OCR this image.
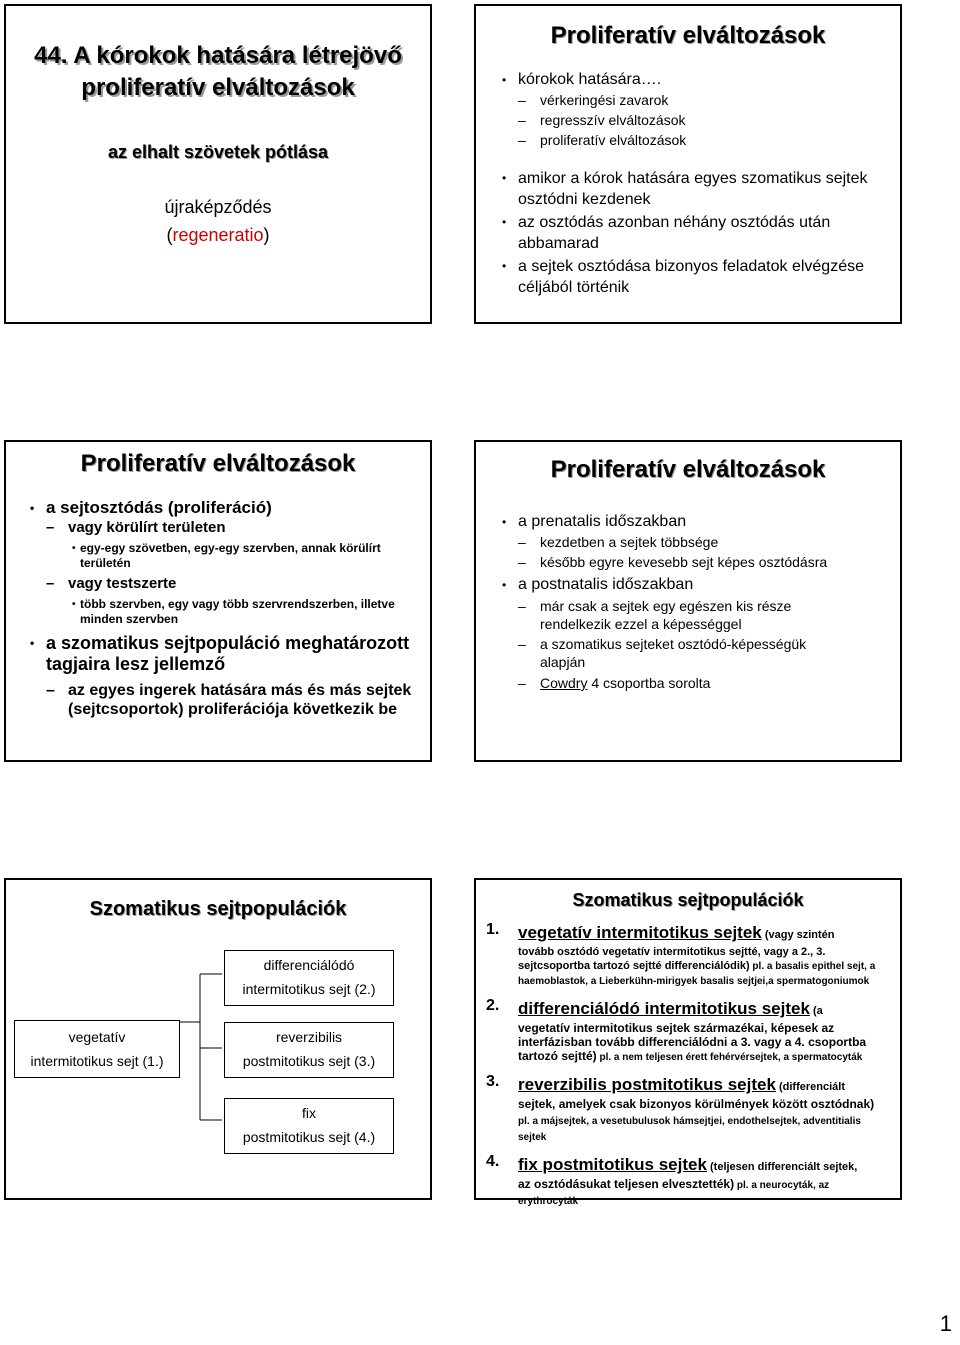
44. A kórokok hatására létrejövő
proliferatív elváltozások
az elhalt szövetek pótlása
újraképződés
(regeneratio)
Proliferatív elváltozások
• kórokok hatására….
– vérkeringési zavarok
– regresszív elváltozások
– proliferatív elváltozások
• amikor a kórok hatására egyes szomatikus sejtek osztódni kezdenek
• az osztódás azonban néhány osztódás után abbamarad
• a sejtek osztódása bizonyos feladatok elvégzése céljából történik
Proliferatív elváltozások
• a sejtosztódás (proliferáció)
– vagy körülírt területen
• egy-egy szövetben, egy-egy szervben, annak körülírt területén
– vagy testszerte
• több szervben, egy vagy több szervrendszerben, illetve minden szervben
• a szomatikus sejtpopuláció meghatározott tagjaira lesz jellemző
– az egyes ingerek hatására más és más sejtek (sejtcsoportok) proliferációja következik be
Proliferatív elváltozások
• a prenatalis időszakban
– kezdetben a sejtek többsége
– később egyre kevesebb sejt képes osztódásra
• a postnatalis időszakban
– már csak a sejtek egy egészen kis része rendelkezik ezzel a képességgel
– a szomatikus sejteket osztódó-képességük alapján
– Cowdry 4 csoportba sorolta
Szomatikus sejtpopulációk
vegetatív
intermitotikus sejt (1.)
differenciálódó
intermitotikus sejt (2.)
reverzibilis
postmitotikus sejt (3.)
fix
postmitotikus sejt (4.)
Szomatikus sejtpopulációk
1. vegetatív intermitotikus sejtek (vagy szintén
tovább osztódó vegetatív intermitotikus sejtté, vagy a 2., 3. sejtcsoportba tartozó sejtté differenciálódik) pl. a basalis epithel sejt, a haemoblastok, a Lieberkühn-mirigyek basalis sejtjei,a spermatogoniumok
2. differenciálódó intermitotikus sejtek (a
vegetatív intermitotikus sejtek származékai, képesek az interfázisban tovább differenciálódni a 3. vagy a 4. csoportba tartozó sejtté) pl. a nem teljesen érett fehérvérsejtek, a spermatocyták
3. reverzibilis postmitotikus sejtek (differenciált
sejtek, amelyek csak bizonyos körülmények között osztódnak) pl. a májsejtek, a vesetubulusok hámsejtjei, endothelsejtek, adventitialis sejtek
4. fix postmitotikus sejtek (teljesen differenciált sejtek,
az osztódásukat teljesen elvesztették) pl. a neurocyták, az erythrocyták
1
